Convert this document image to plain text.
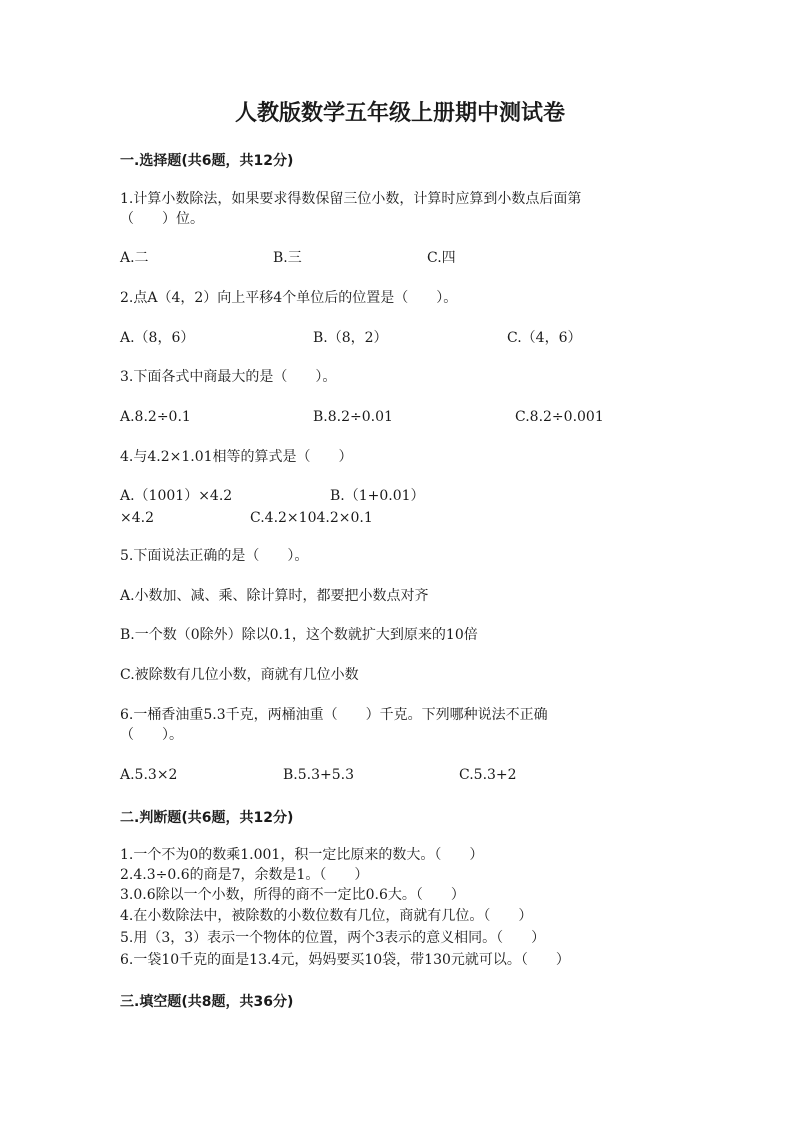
人教版数学五年级上册期中测试卷
一.选择题(共6题，共12分)
1.计算小数除法，如果要求得数保留三位小数，计算时应算到小数点后面第
（　　）位。
A.二	B.三	C.四
2.点A（4，2）向上平移4个单位后的位置是（　　）。
A.（8，6）	B.（8，2）	C.（4，6）
3.下面各式中商最大的是（　　）。
A.8.2÷0.1	B.8.2÷0.01	C.8.2÷0.001
4.与4.2×1.01相等的算式是（　　）
A.（1001）×4.2	B.（1+0.01）
×4.2	C.4.2×104.2×0.1
5.下面说法正确的是（　　）。
A.小数加、减、乘、除计算时，都要把小数点对齐
B.一个数（0除外）除以0.1，这个数就扩大到原来的10倍
C.被除数有几位小数，商就有几位小数
6.一桶香油重5.3千克，两桶油重（　　）千克。下列哪种说法不正确
（　　）。
A.5.3×2	B.5.3+5.3	C.5.3+2
二.判断题(共6题，共12分)
1.一个不为0的数乘1.001，积一定比原来的数大。（　　）
2.4.3÷0.6的商是7，余数是1。（　　）
3.0.6除以一个小数，所得的商不一定比0.6大。（　　）
4.在小数除法中，被除数的小数位数有几位，商就有几位。（　　）
5.用（3，3）表示一个物体的位置，两个3表示的意义相同。（　　）
6.一袋10千克的面是13.4元，妈妈要买10袋，带130元就可以。（　　）
三.填空题(共8题，共36分)
